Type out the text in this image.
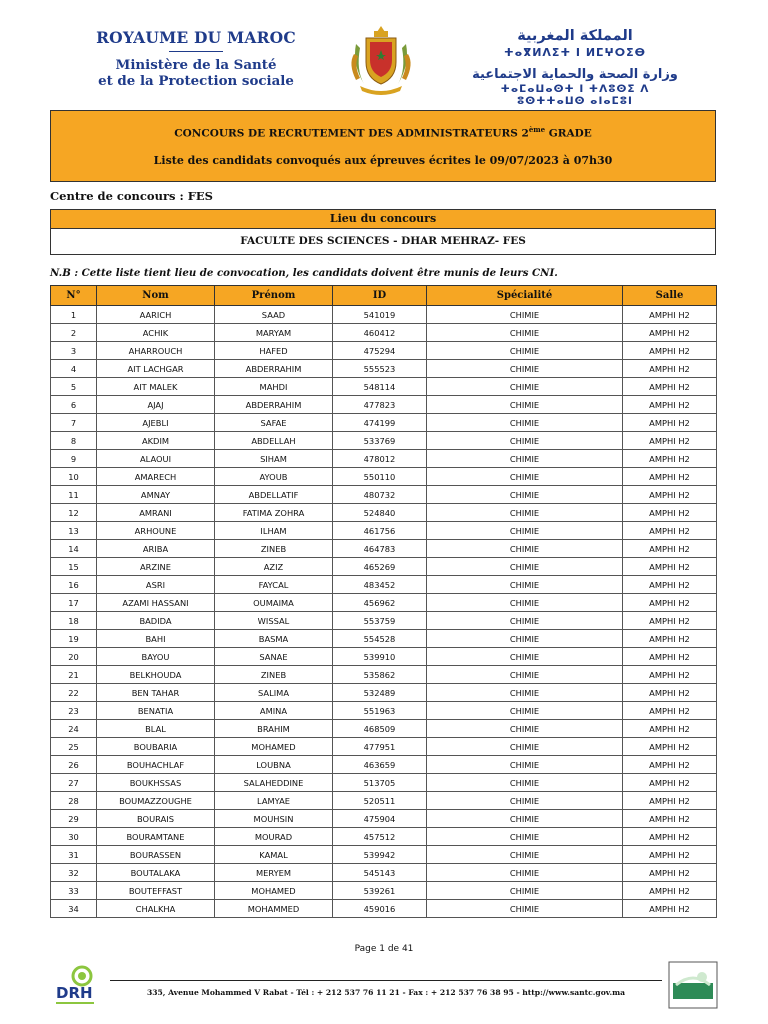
ROYAUME DU MAROC
Ministère de la Santé
et de la Protection sociale
المملكة المغربية
ⵜⴰⴳⵍⴷⵉⵜ ⵏ ⵍⵎⵖⵔⵉⴱ
وزارة الصحة والحماية الاجتماعية
ⵜⴰⵎⴰⵡⴰⵙⵜ ⵏ ⵜⴷⵓⵙⵉ ⴷ ⵓⵙⵜⵜⴰⵡⵙ ⴰⵏⴰⵎⵓⵏ
CONCOURS DE RECRUTEMENT DES ADMINISTRATEURS 2ème GRADE
Liste des candidats convoqués aux épreuves écrites le 09/07/2023 à 07h30
Centre de concours : FES
Lieu du concours
FACULTE DES SCIENCES - DHAR MEHRAZ- FES
N.B : Cette liste tient lieu de convocation, les candidats doivent être munis de leurs CNI.
N°	Nom	Prénom	ID	Spécialité	Salle
1	AARICH	SAAD	541019	CHIMIE	AMPHI H2
2	ACHIK	MARYAM	460412	CHIMIE	AMPHI H2
3	AHARROUCH	HAFED	475294	CHIMIE	AMPHI H2
4	AIT LACHGAR	ABDERRAHIM	555523	CHIMIE	AMPHI H2
5	AIT MALEK	MAHDI	548114	CHIMIE	AMPHI H2
6	AJAJ	ABDERRAHIM	477823	CHIMIE	AMPHI H2
7	AJEBLI	SAFAE	474199	CHIMIE	AMPHI H2
8	AKDIM	ABDELLAH	533769	CHIMIE	AMPHI H2
9	ALAOUI	SIHAM	478012	CHIMIE	AMPHI H2
10	AMARECH	AYOUB	550110	CHIMIE	AMPHI H2
11	AMNAY	ABDELLATIF	480732	CHIMIE	AMPHI H2
12	AMRANI	FATIMA ZOHRA	524840	CHIMIE	AMPHI H2
13	ARHOUNE	ILHAM	461756	CHIMIE	AMPHI H2
14	ARIBA	ZINEB	464783	CHIMIE	AMPHI H2
15	ARZINE	AZIZ	465269	CHIMIE	AMPHI H2
16	ASRI	FAYCAL	483452	CHIMIE	AMPHI H2
17	AZAMI HASSANI	OUMAIMA	456962	CHIMIE	AMPHI H2
18	BADIDA	WISSAL	553759	CHIMIE	AMPHI H2
19	BAHI	BASMA	554528	CHIMIE	AMPHI H2
20	BAYOU	SANAE	539910	CHIMIE	AMPHI H2
21	BELKHOUDA	ZINEB	535862	CHIMIE	AMPHI H2
22	BEN TAHAR	SALIMA	532489	CHIMIE	AMPHI H2
23	BENATIA	AMINA	551963	CHIMIE	AMPHI H2
24	BLAL	BRAHIM	468509	CHIMIE	AMPHI H2
25	BOUBARIA	MOHAMED	477951	CHIMIE	AMPHI H2
26	BOUHACHLAF	LOUBNA	463659	CHIMIE	AMPHI H2
27	BOUKHSSAS	SALAHEDDINE	513705	CHIMIE	AMPHI H2
28	BOUMAZZOUGHE	LAMYAE	520511	CHIMIE	AMPHI H2
29	BOURAIS	MOUHSIN	475904	CHIMIE	AMPHI H2
30	BOURAMTANE	MOURAD	457512	CHIMIE	AMPHI H2
31	BOURASSEN	KAMAL	539942	CHIMIE	AMPHI H2
32	BOUTALAKA	MERYEM	545143	CHIMIE	AMPHI H2
33	BOUTEFFAST	MOHAMED	539261	CHIMIE	AMPHI H2
34	CHALKHA	MOHAMMED	459016	CHIMIE	AMPHI H2
Page 1 de 41
DRH	335, Avenue Mohammed V Rabat - Tél : + 212 537 76 11 21 - Fax : + 212 537 76 38 95 - http://www.santc.gov.ma
